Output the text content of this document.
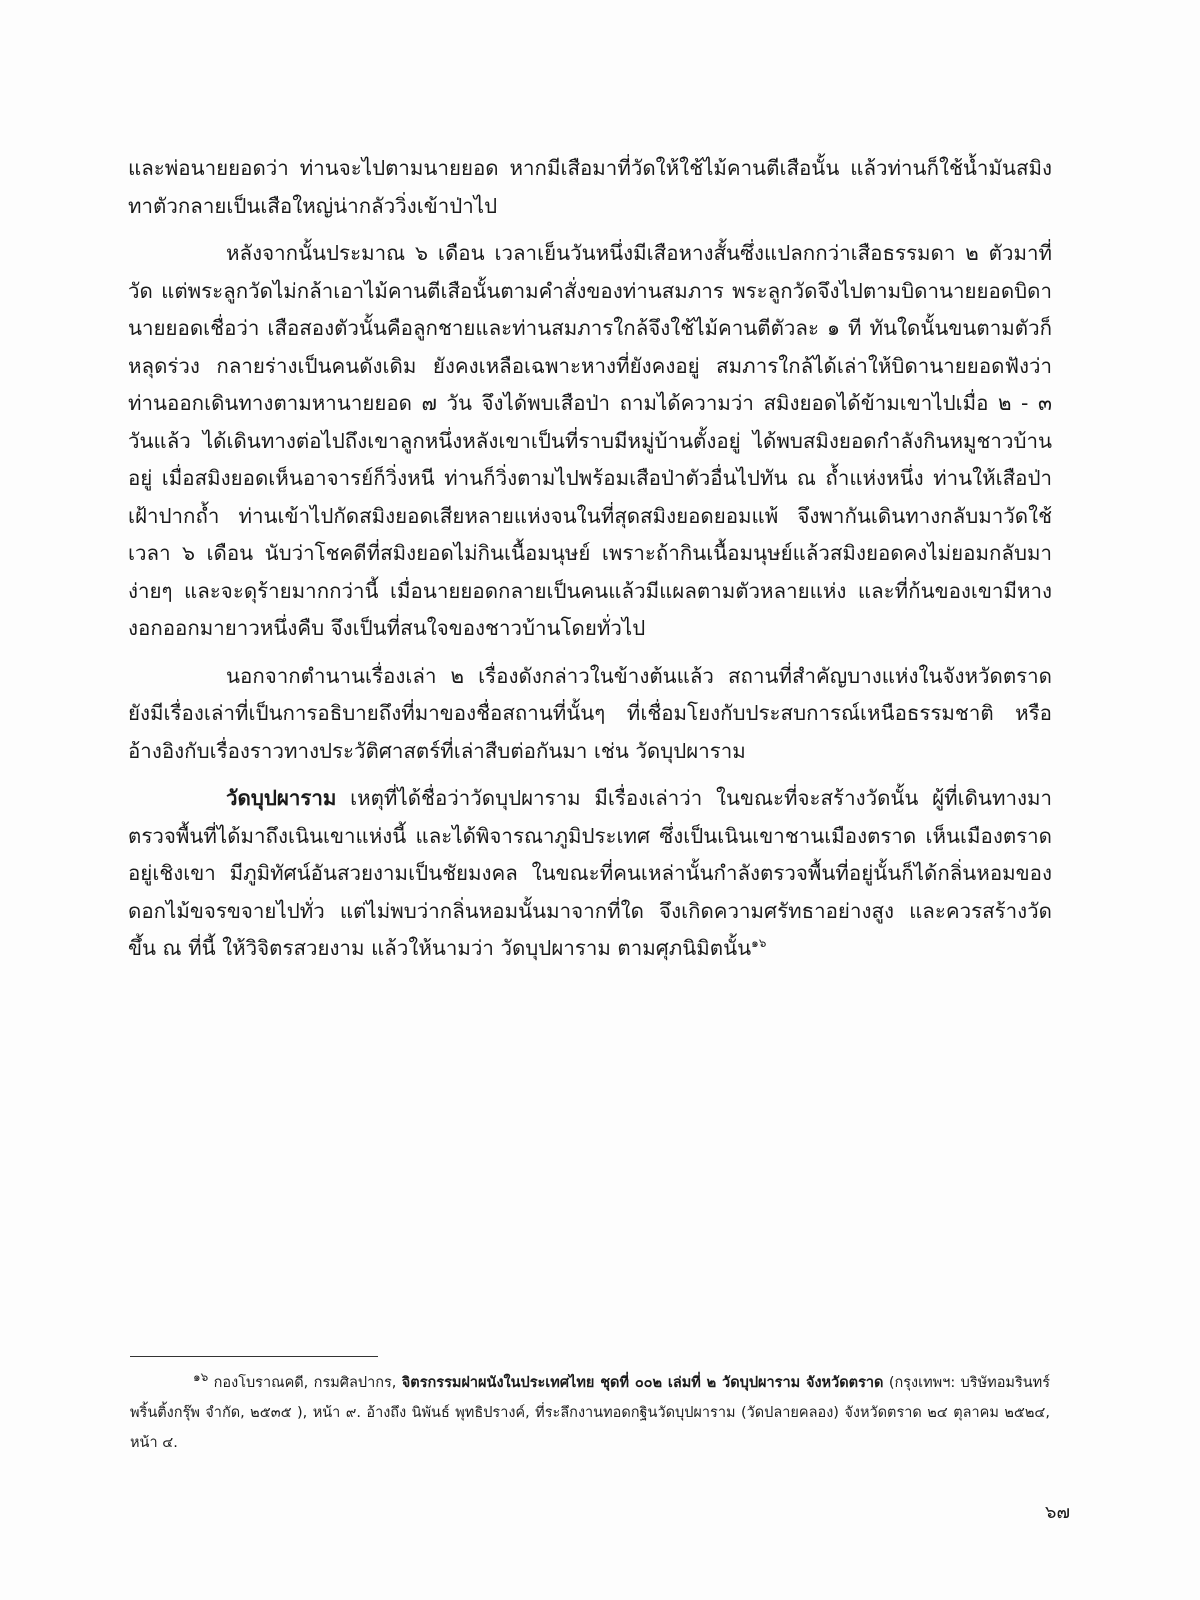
และพ่อนายยอดว่า ท่านจะไปตามนายยอด หากมีเสือมาที่วัดให้ใช้ไม้คานตีเสือนั้น แล้วท่านก็ใช้น้ำมันสมิงทาตัวกลายเป็นเสือใหญ่น่ากลัววิ่งเข้าป่าไป

หลังจากนั้นประมาณ ๖ เดือน เวลาเย็นวันหนึ่งมีเสือหางสั้นซึ่งแปลกกว่าเสือธรรมดา ๒ ตัวมาที่วัด แต่พระลูกวัดไม่กล้าเอาไม้คานตีเสือนั้นตามคำสั่งของท่านสมภาร พระลูกวัดจึงไปตามบิดานายยอดบิดานายยอดเชื่อว่า เสือสองตัวนั้นคือลูกชายและท่านสมภารใกล้จึงใช้ไม้คานตีตัวละ ๑ ที ทันใดนั้นขนตามตัวก็หลุดร่วง กลายร่างเป็นคนดังเดิม ยังคงเหลือเฉพาะหางที่ยังคงอยู่ สมภารใกล้ได้เล่าให้บิดานายยอดฟังว่า ท่านออกเดินทางตามหานายยอด ๗ วัน จึงได้พบเสือป่า ถามได้ความว่า สมิงยอดได้ข้ามเขาไปเมื่อ ๒ - ๓ วันแล้ว ได้เดินทางต่อไปถึงเขาลูกหนึ่งหลังเขาเป็นที่ราบมีหมู่บ้านตั้งอยู่ ได้พบสมิงยอดกำลังกินหมูชาวบ้านอยู่ เมื่อสมิงยอดเห็นอาจารย์ก็วิ่งหนี ท่านก็วิ่งตามไปพร้อมเสือป่าตัวอื่นไปทัน ณ ถ้ำแห่งหนึ่ง ท่านให้เสือป่าเฝ้าปากถ้ำ ท่านเข้าไปกัดสมิงยอดเสียหลายแห่งจนในที่สุดสมิงยอดยอมแพ้ จึงพากันเดินทางกลับมาวัดใช้เวลา ๖ เดือน นับว่าโชคดีที่สมิงยอดไม่กินเนื้อมนุษย์ เพราะถ้ากินเนื้อมนุษย์แล้วสมิงยอดคงไม่ยอมกลับมาง่ายๆ และจะดุร้ายมากกว่านี้ เมื่อนายยอดกลายเป็นคนแล้วมีแผลตามตัวหลายแห่ง และที่ก้นของเขามีหางงอกออกมายาวหนึ่งคืบ จึงเป็นที่สนใจของชาวบ้านโดยทั่วไป

นอกจากตำนานเรื่องเล่า ๒ เรื่องดังกล่าวในข้างต้นแล้ว สถานที่สำคัญบางแห่งในจังหวัดตราด ยังมีเรื่องเล่าที่เป็นการอธิบายถึงที่มาของชื่อสถานที่นั้นๆ ที่เชื่อมโยงกับประสบการณ์เหนือธรรมชาติ หรือ อ้างอิงกับเรื่องราวทางประวัติศาสตร์ที่เล่าสืบต่อกันมา เช่น วัดบุปผาราม

วัดบุปผาราม เหตุที่ได้ชื่อว่าวัดบุปผาราม มีเรื่องเล่าว่า ในขณะที่จะสร้างวัดนั้น ผู้ที่เดินทางมาตรวจพื้นที่ได้มาถึงเนินเขาแห่งนี้ และได้พิจารณาภูมิประเทศ ซึ่งเป็นเนินเขาชานเมืองตราด เห็นเมืองตราดอยู่เชิงเขา มีภูมิทัศน์อันสวยงามเป็นชัยมงคล ในขณะที่คนเหล่านั้นกำลังตรวจพื้นที่อยู่นั้นก็ได้กลิ่นหอมของดอกไม้ขจรขจายไปทั่ว แต่ไม่พบว่ากลิ่นหอมนั้นมาจากที่ใด จึงเกิดความศรัทธาอย่างสูง และควรสร้างวัดขึ้น ณ ที่นี้ ให้วิจิตรสวยงาม แล้วให้นามว่า วัดบุปผาราม ตามศุภนิมิตนั้น$^{๑๖}$

$^{๑๖}$ กองโบราณคดี, กรมศิลปากร, จิตรกรรมฝาผนังในประเทศไทย ชุดที่ ๐๐๒ เล่มที่ ๒ วัดบุปผาราม จังหวัดตราด (กรุงเทพฯ: บริษัทอมรินทร์ พริ้นติ้งกรุ๊พ จำกัด, ๒๕๓๕ ), หน้า ๙. อ้างถึง นิพันธ์ พุทธิปรางค์, ที่ระลึกงานทอดกฐินวัดบุปผาราม (วัดปลายคลอง) จังหวัดตราด ๒๔ ตุลาคม ๒๕๒๔, หน้า ๔.

๖๗
